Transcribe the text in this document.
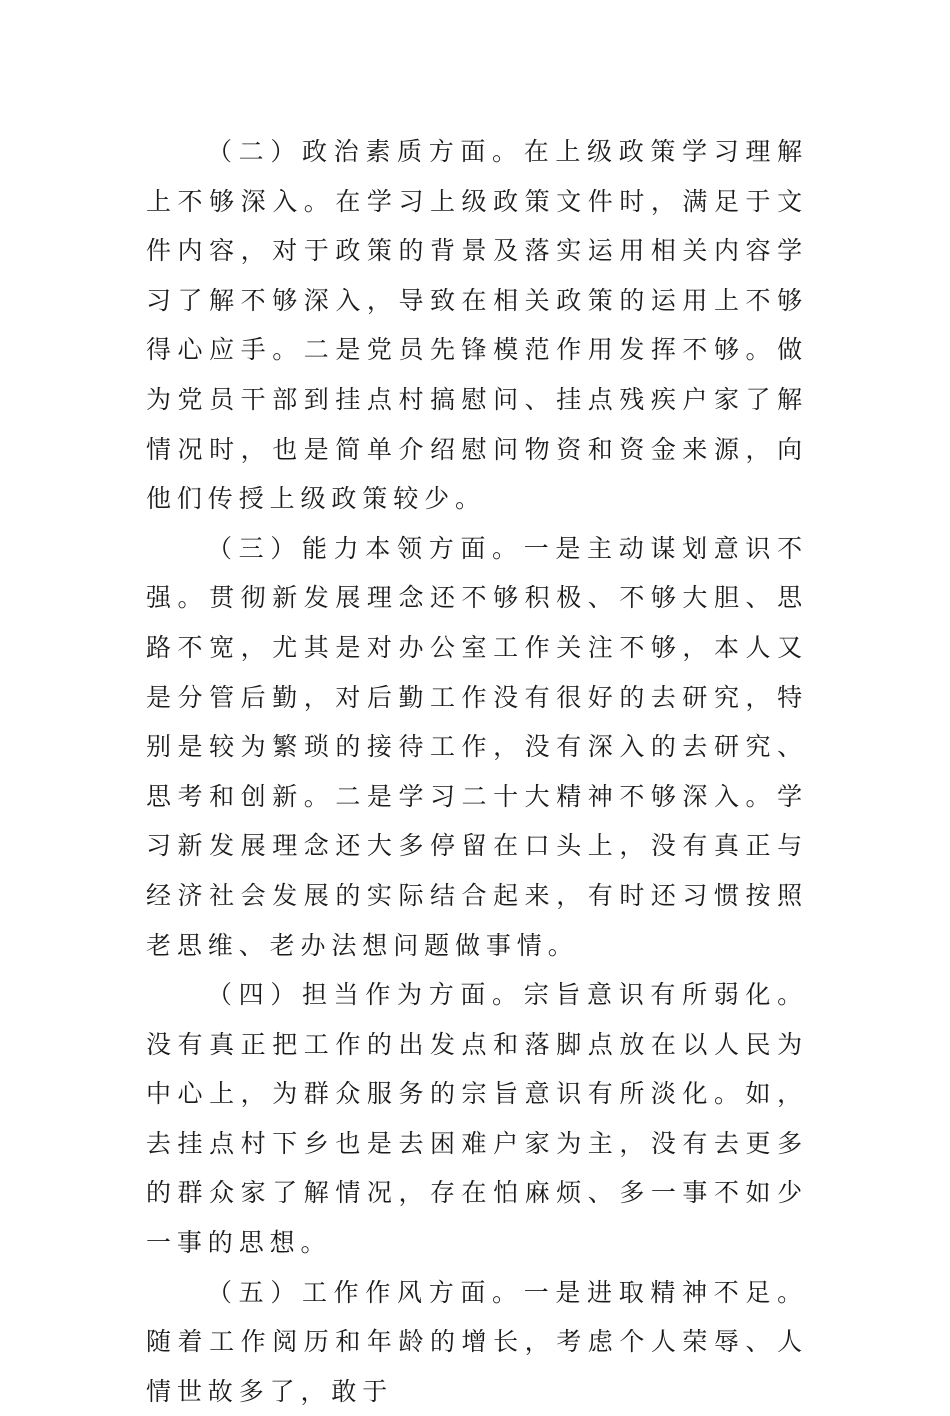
（二）政治素质方面。在上级政策学习理解上不够深入。在学习上级政策文件时，满足于文件内容，对于政策的背景及落实运用相关内容学习了解不够深入，导致在相关政策的运用上不够得心应手。二是党员先锋模范作用发挥不够。做为党员干部到挂点村搞慰问、挂点残疾户家了解情况时，也是简单介绍慰问物资和资金来源，向他们传授上级政策较少。

（三）能力本领方面。一是主动谋划意识不强。贯彻新发展理念还不够积极、不够大胆、思路不宽，尤其是对办公室工作关注不够，本人又是分管后勤，对后勤工作没有很好的去研究，特别是较为繁琐的接待工作，没有深入的去研究、思考和创新。二是学习二十大精神不够深入。学习新发展理念还大多停留在口头上，没有真正与经济社会发展的实际结合起来，有时还习惯按照老思维、老办法想问题做事情。

（四）担当作为方面。宗旨意识有所弱化。没有真正把工作的出发点和落脚点放在以人民为中心上，为群众服务的宗旨意识有所淡化。如，去挂点村下乡也是去困难户家为主，没有去更多的群众家了解情况，存在怕麻烦、多一事不如少一事的思想。

（五）工作作风方面。一是进取精神不足。随着工作阅历和年龄的增长，考虑个人荣辱、人情世故多了，敢于
